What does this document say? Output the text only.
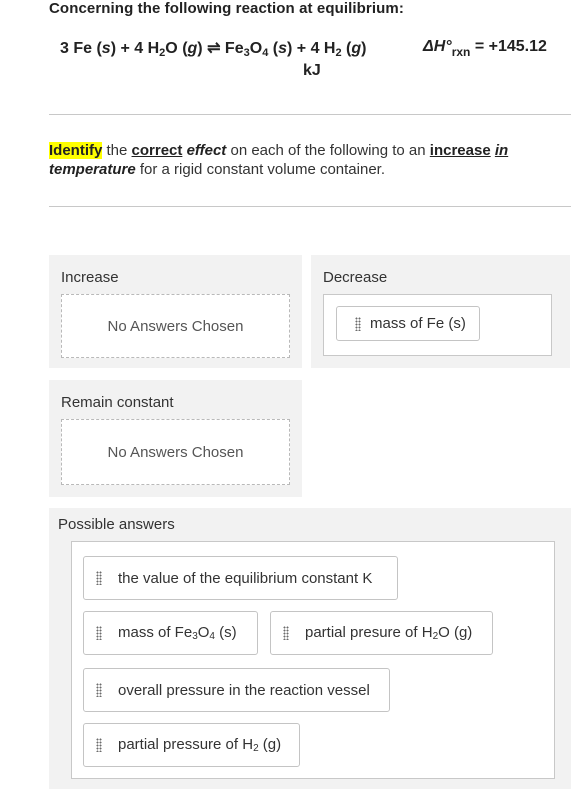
Concerning the following reaction at equilibrium:
3 Fe (s) + 4 $H_2O$ (g) ⇌ $Fe_3O_4$ (s) + 4 $H_2$ (g)	$\Delta H^\circ_{rxn} = +145.12$
kJ
Identify the correct effect on each of the following to an increase in
temperature for a rigid constant volume container.
Increase
No Answers Chosen
Decrease
mass of Fe (s)
Remain constant
No Answers Chosen
Possible answers
the value of the equilibrium constant K
mass of $Fe_3O_4$ (s)	partial presure of $H_2O$ (g)
overall pressure in the reaction vessel
partial pressure of $H_2$ (g)
